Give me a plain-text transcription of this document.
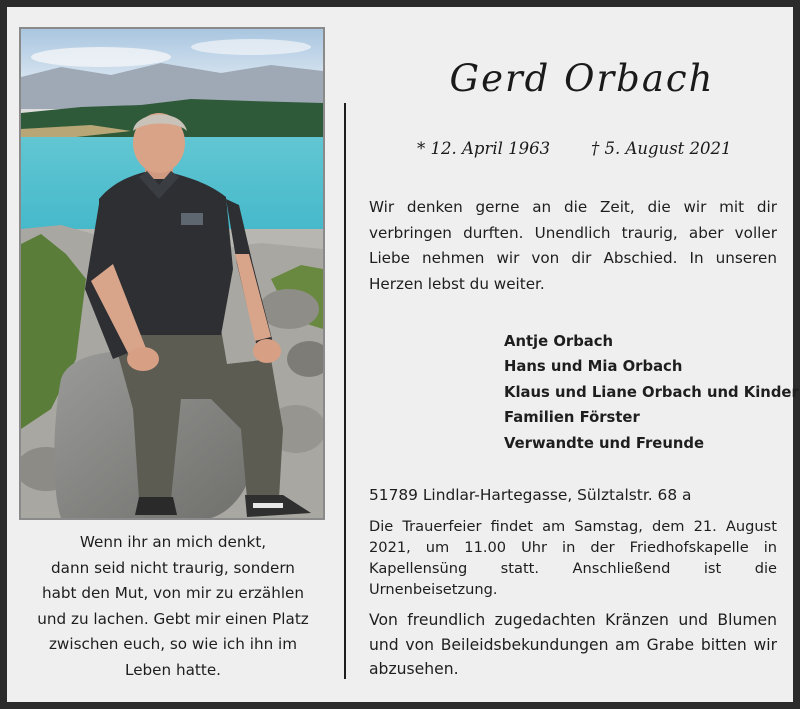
Wenn ihr an mich denkt,
dann seid nicht traurig, sondern
habt den Mut, von mir zu erzählen
und zu lachen. Gebt mir einen Platz
zwischen euch, so wie ich ihn im
Leben hatte.
Gerd Orbach
* 12. April 1963 † 5. August 2021
Wir denken gerne an die Zeit, die wir mit dir
verbringen durften. Unendlich traurig, aber voller
Liebe nehmen wir von dir Abschied. In unseren
Herzen lebst du weiter.
Antje Orbach
Hans und Mia Orbach
Klaus und Liane Orbach und Kinder
Familien Förster
Verwandte und Freunde
51789 Lindlar-Hartegasse, Sülztalstr. 68 a
Die Trauerfeier findet am Samstag, dem 21. August
2021, um 11.00 Uhr in der Friedhofskapelle in
Kapellensüng statt. Anschließend ist die
Urnenbeisetzung.
Von freundlich zugedachten Kränzen und Blumen
und von Beileidsbekundungen am Grabe bitten wir
abzusehen.
